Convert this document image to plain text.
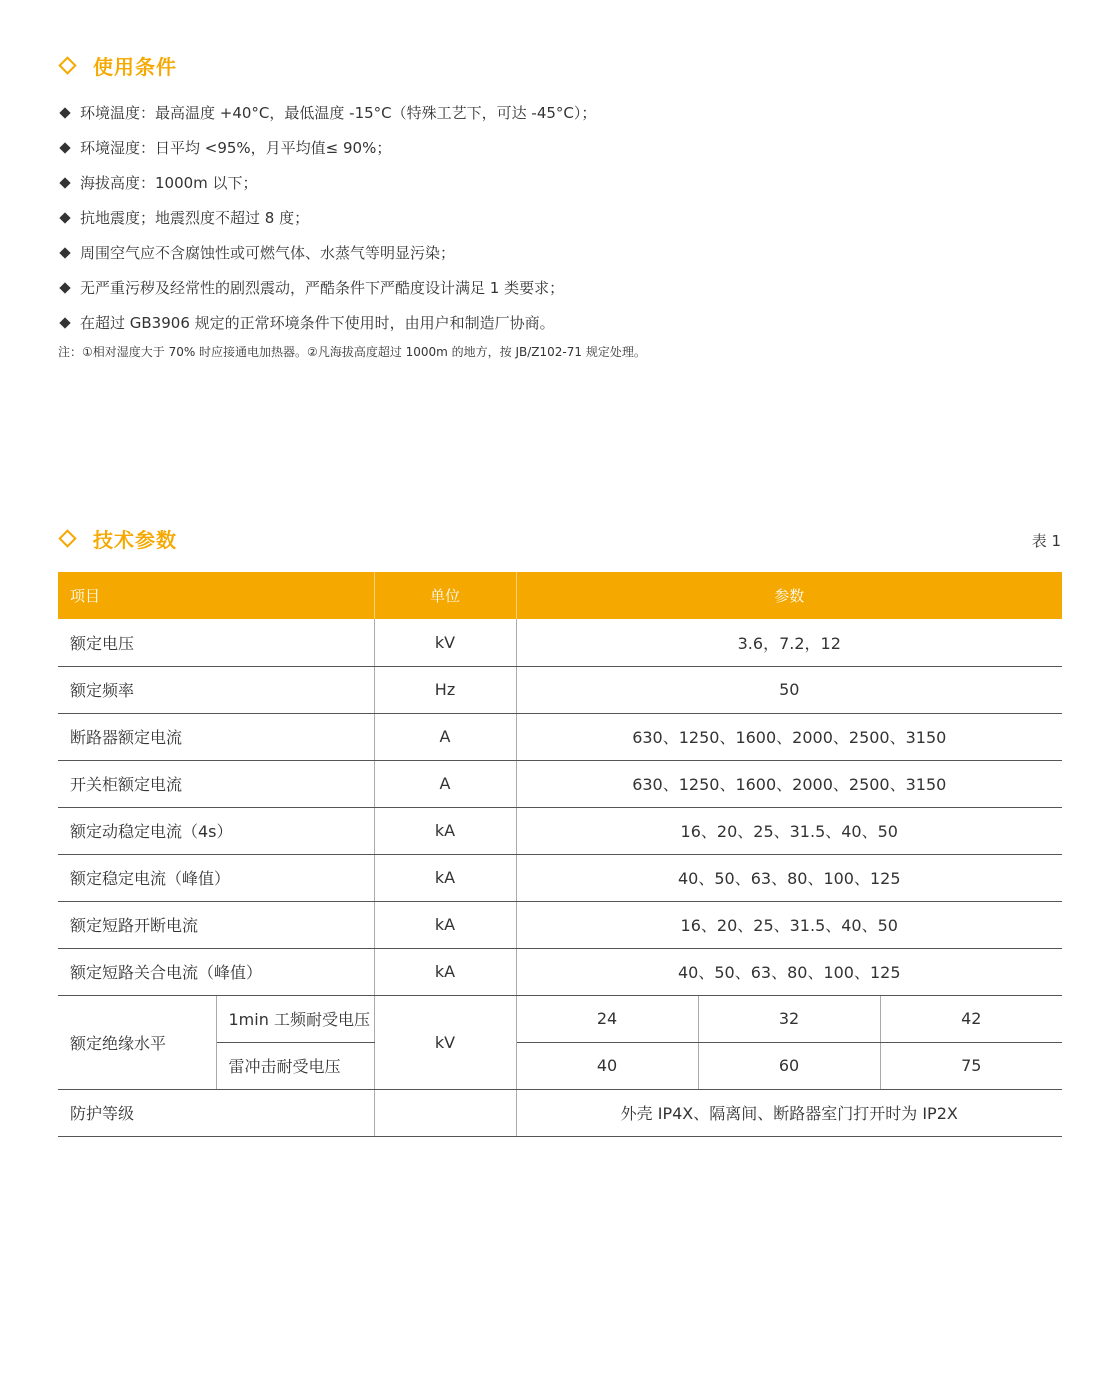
使用条件
环境温度：最高温度 +40°C，最低温度 -15°C（特殊工艺下，可达 -45°C）；
环境湿度：日平均 <95%，月平均值≤ 90%；
海拔高度：1000m 以下；
抗地震度；地震烈度不超过 8 度；
周围空气应不含腐蚀性或可燃气体、水蒸气等明显污染；
无严重污秽及经常性的剧烈震动，严酷条件下严酷度设计满足 1 类要求；
在超过 GB3906 规定的正常环境条件下使用时，由用户和制造厂协商。
注：①相对湿度大于 70% 时应接通电加热器。②凡海拔高度超过 1000m 的地方，按 JB/Z102-71 规定处理。
技术参数	表 1
项目		单位	参数		
额定电压		kV	3.6，7.2，12		
额定频率		Hz	50		
断路器额定电流		A	630、1250、1600、2000、2500、3150		
开关柜额定电流		A	630、1250、1600、2000、2500、3150		
额定动稳定电流（4s）		kA	16、20、25、31.5、40、50		
额定稳定电流（峰值）		kA	40、50、63、80、100、125		
额定短路开断电流		kA	16、20、25、31.5、40、50		
额定短路关合电流（峰值）		kA	40、50、63、80、100、125		
额定绝缘水平	1min 工频耐受电压	kV	24	32	42
	雷冲击耐受电压		40	60	75
防护等级			外壳 IP4X、隔离间、断路器室门打开时为 IP2X		
